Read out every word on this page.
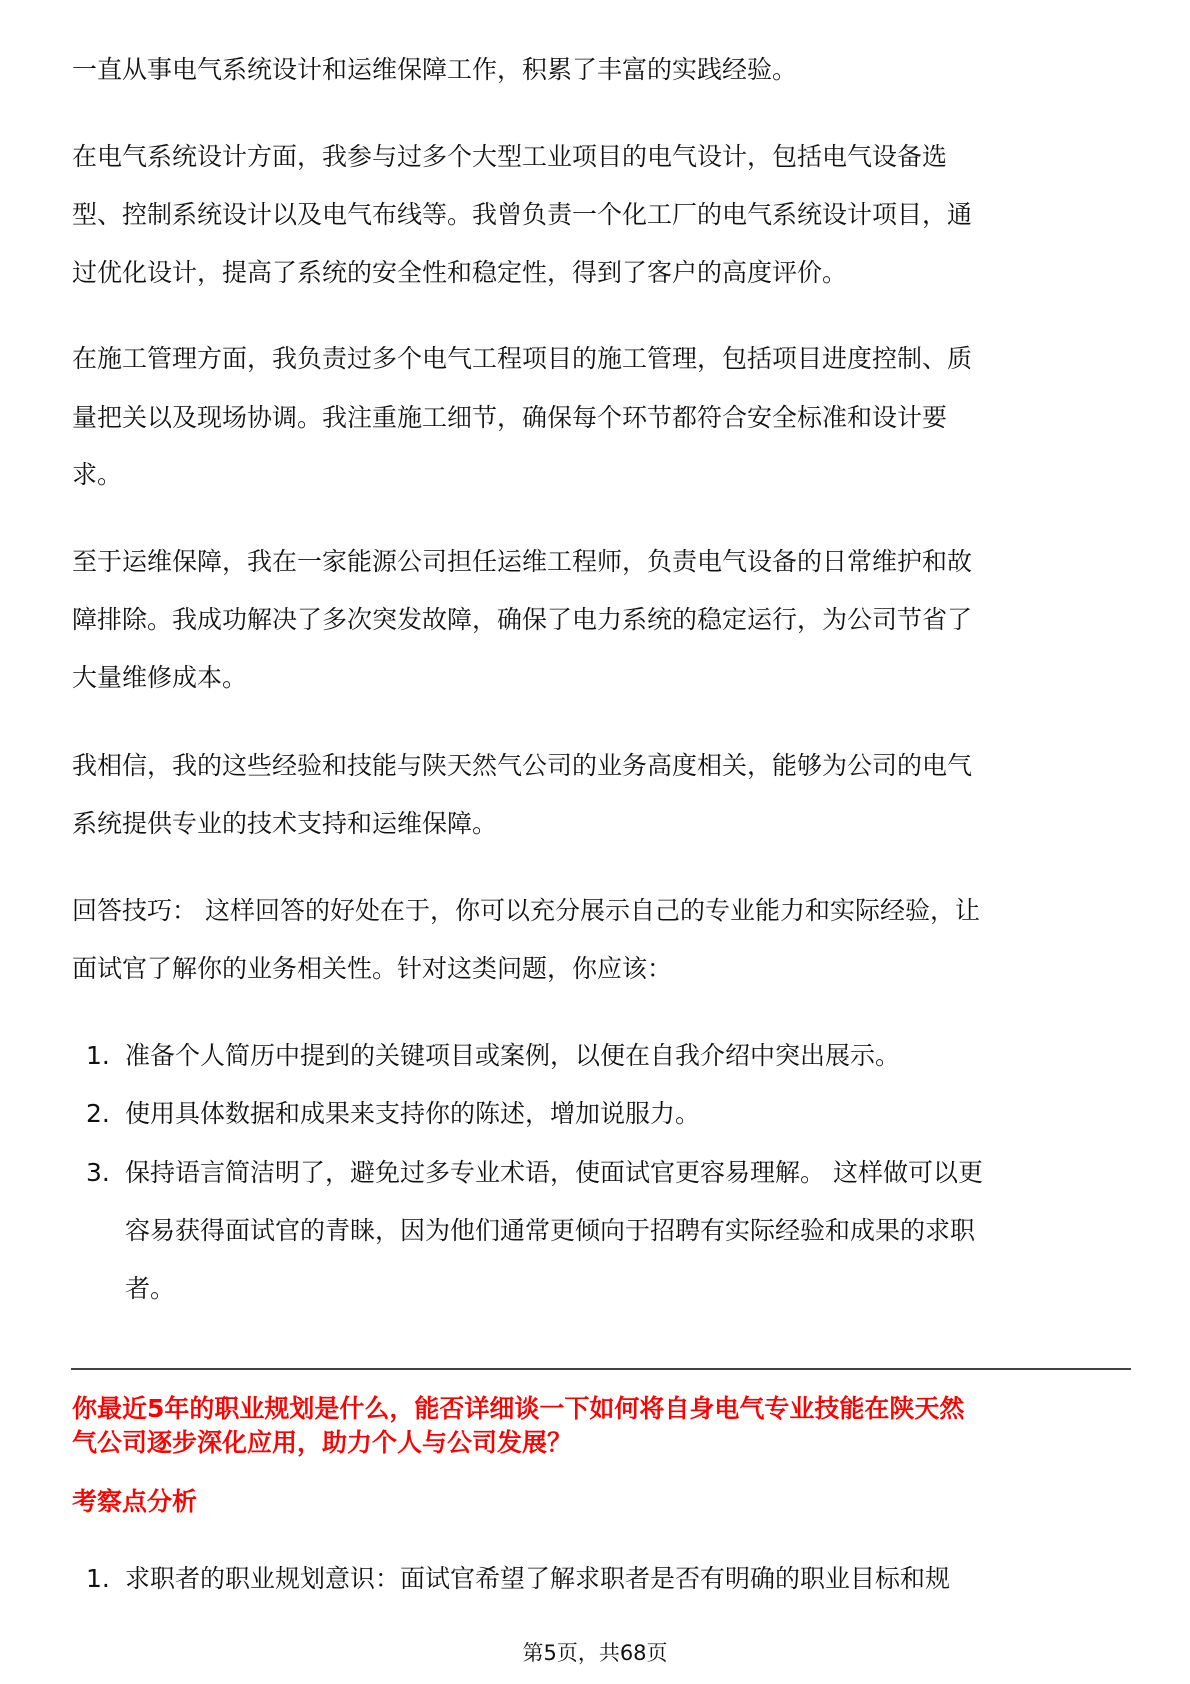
一直从事电气系统设计和运维保障工作，积累了丰富的实践经验。
在电气系统设计方面，我参与过多个大型工业项目的电气设计，包括电气设备选
型、控制系统设计以及电气布线等。我曾负责一个化工厂的电气系统设计项目，通
过优化设计，提高了系统的安全性和稳定性，得到了客户的高度评价。
在施工管理方面，我负责过多个电气工程项目的施工管理，包括项目进度控制、质
量把关以及现场协调。我注重施工细节，确保每个环节都符合安全标准和设计要
求。
至于运维保障，我在一家能源公司担任运维工程师，负责电气设备的日常维护和故
障排除。我成功解决了多次突发故障，确保了电力系统的稳定运行，为公司节省了
大量维修成本。
我相信，我的这些经验和技能与陕天然气公司的业务高度相关，能够为公司的电气
系统提供专业的技术支持和运维保障。
回答技巧： 这样回答的好处在于，你可以充分展示自己的专业能力和实际经验，让
面试官了解你的业务相关性。针对这类问题，你应该：
1. 准备个人简历中提到的关键项目或案例，以便在自我介绍中突出展示。
2. 使用具体数据和成果来支持你的陈述，增加说服力。
3. 保持语言简洁明了，避免过多专业术语，使面试官更容易理解。 这样做可以更
容易获得面试官的青睐，因为他们通常更倾向于招聘有实际经验和成果的求职
者。
你最近5年的职业规划是什么，能否详细谈一下如何将自身电气专业技能在陕天然
气公司逐步深化应用，助力个人与公司发展？
考察点分析
1. 求职者的职业规划意识：面试官希望了解求职者是否有明确的职业目标和规
第5页，共68页
